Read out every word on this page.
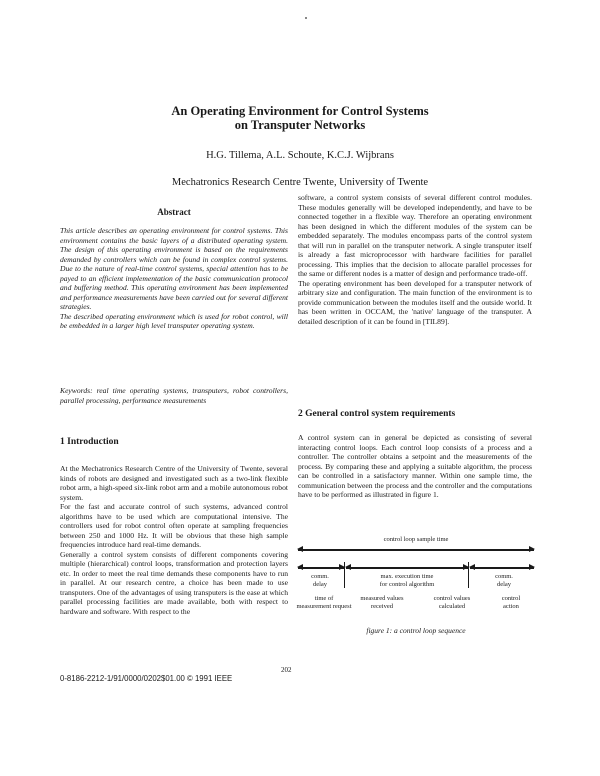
An Operating Environment for Control Systems
on Transputer Networks
H.G. Tillema, A.L. Schoute, K.C.J. Wijbrans
Mechatronics Research Centre Twente, University of Twente
Abstract

This article describes an operating environment for control systems. This environment contains the basic layers of a distributed operating system. The design of this operating environment is based on the requirements demanded by controllers which can be found in complex control systems. Due to the nature of real-time control systems, special attention has to be payed to an efficient implementation of the basic communication protocol and buffering method. This operating environment has been implemented and performance measurements have been carried out for several different strategies.

The described operating environment which is used for robot control, will be embedded in a larger high level transputer operating system.

Keywords: real time operating systems, transputers, robot controllers, parallel processing, performance measurements
1 Introduction

At the Mechatronics Research Centre of the University of Twente, several kinds of robots are designed and investigated such as a two-link flexible robot arm, a high-speed six-link robot arm and a mobile autonomous robot system.

For the fast and accurate control of such systems, advanced control algorithms have to be used which are computational intensive. The controllers used for robot control often operate at sampling frequencies between 250 and 1000 Hz. It will be obvious that these high sample frequencies introduce hard real-time demands.

Generally a control system consists of different components covering multiple (hierarchical) control loops, transformation and protection layers etc. In order to meet the real time demands these components have to run in parallel. At our research centre, a choice has been made to use transputers. One of the advantages of using transputers is the ease at which parallel processing facilities are made available, both with respect to hardware and software. With respect to the

software, a control system consists of several different control modules. These modules generally will be developed independently, and have to be connected together in a flexible way. Therefore an operating environment has been designed in which the different modules of the system can be embedded separately. The modules encompass parts of the control system that will run in parallel on the transputer network. A single transputer itself is already a fast microprocessor with hardware facilities for parallel processing. This implies that the decision to allocate parallel processes for the same or different nodes is a matter of design and performance trade-off.

The operating environment has been developed for a transputer network of arbitrary size and configuration. The main function of the environment is to provide communication between the modules itself and the outside world. It has been written in OCCAM, the 'native' language of the transputer. A detailed description of it can be found in [TIL89].

2 General control system requirements

A control system can in general be depicted as consisting of several interacting control loops. Each control loop consists of a process and a controller. The controller obtains a setpoint and the measurements of the process. By comparing these and applying a suitable algorithm, the process can be controlled in a satisfactory manner. Within one sample time, the communication between the process and the controller and the computations have to be performed as illustrated in figure 1.

control loop sample time
comm.
delay
max. execution time
for control algorithm
comm.
delay
time of
measurement request
measured values
received
control values
calculated
control
action
figure 1: a control loop sequence
202
0-8186-2212-1/91/0000/0202$01.00 © 1991 IEEE
